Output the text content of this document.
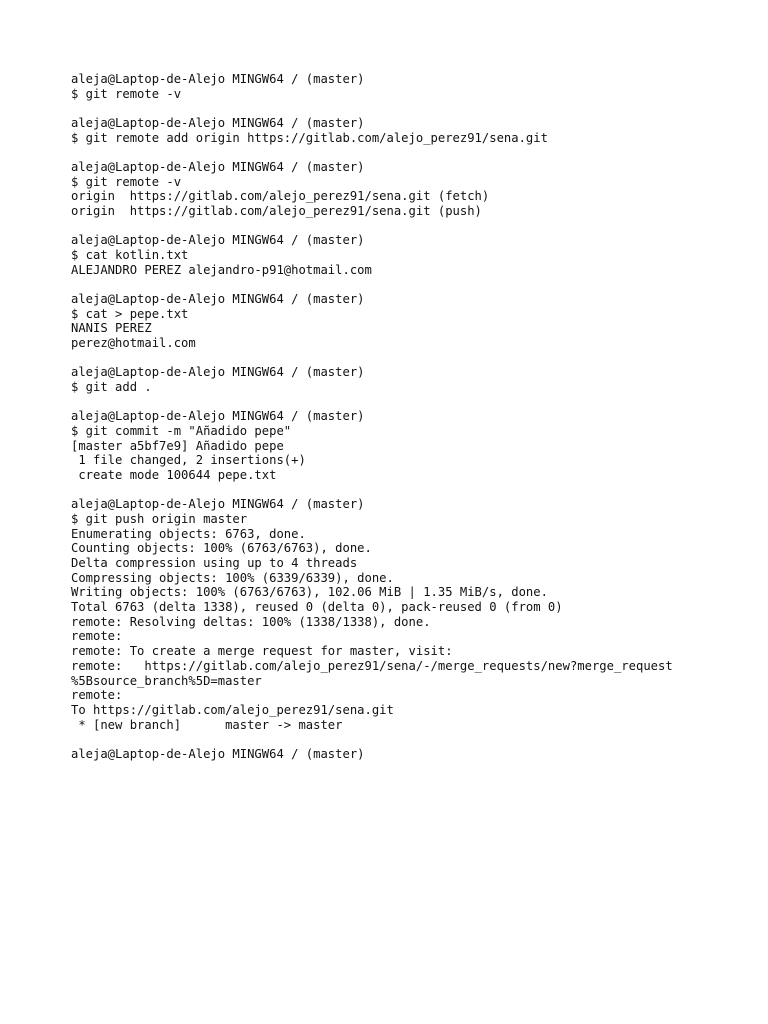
aleja@Laptop-de-Alejo MINGW64 / (master)
$ git remote -v
aleja@Laptop-de-Alejo MINGW64 / (master)
$ git remote add origin https://gitlab.com/alejo_perez91/sena.git
aleja@Laptop-de-Alejo MINGW64 / (master)
$ git remote -v
origin  https://gitlab.com/alejo_perez91/sena.git (fetch)
origin  https://gitlab.com/alejo_perez91/sena.git (push)
aleja@Laptop-de-Alejo MINGW64 / (master)
$ cat kotlin.txt
ALEJANDRO PEREZ alejandro-p91@hotmail.com
aleja@Laptop-de-Alejo MINGW64 / (master)
$ cat > pepe.txt
NANIS PEREZ
perez@hotmail.com
aleja@Laptop-de-Alejo MINGW64 / (master)
$ git add .
aleja@Laptop-de-Alejo MINGW64 / (master)
$ git commit -m "Añadido pepe"
[master a5bf7e9] Añadido pepe
1 file changed, 2 insertions(+)
create mode 100644 pepe.txt
aleja@Laptop-de-Alejo MINGW64 / (master)
$ git push origin master
Enumerating objects: 6763, done.
Counting objects: 100% (6763/6763), done.
Delta compression using up to 4 threads
Compressing objects: 100% (6339/6339), done.
Writing objects: 100% (6763/6763), 102.06 MiB | 1.35 MiB/s, done.
Total 6763 (delta 1338), reused 0 (delta 0), pack-reused 0 (from 0)
remote: Resolving deltas: 100% (1338/1338), done.
remote:
remote: To create a merge request for master, visit:
remote:   https://gitlab.com/alejo_perez91/sena/-/merge_requests/new?merge_request
%5Bsource_branch%5D=master
remote:
To https://gitlab.com/alejo_perez91/sena.git
* [new branch]      master -> master
aleja@Laptop-de-Alejo MINGW64 / (master)
